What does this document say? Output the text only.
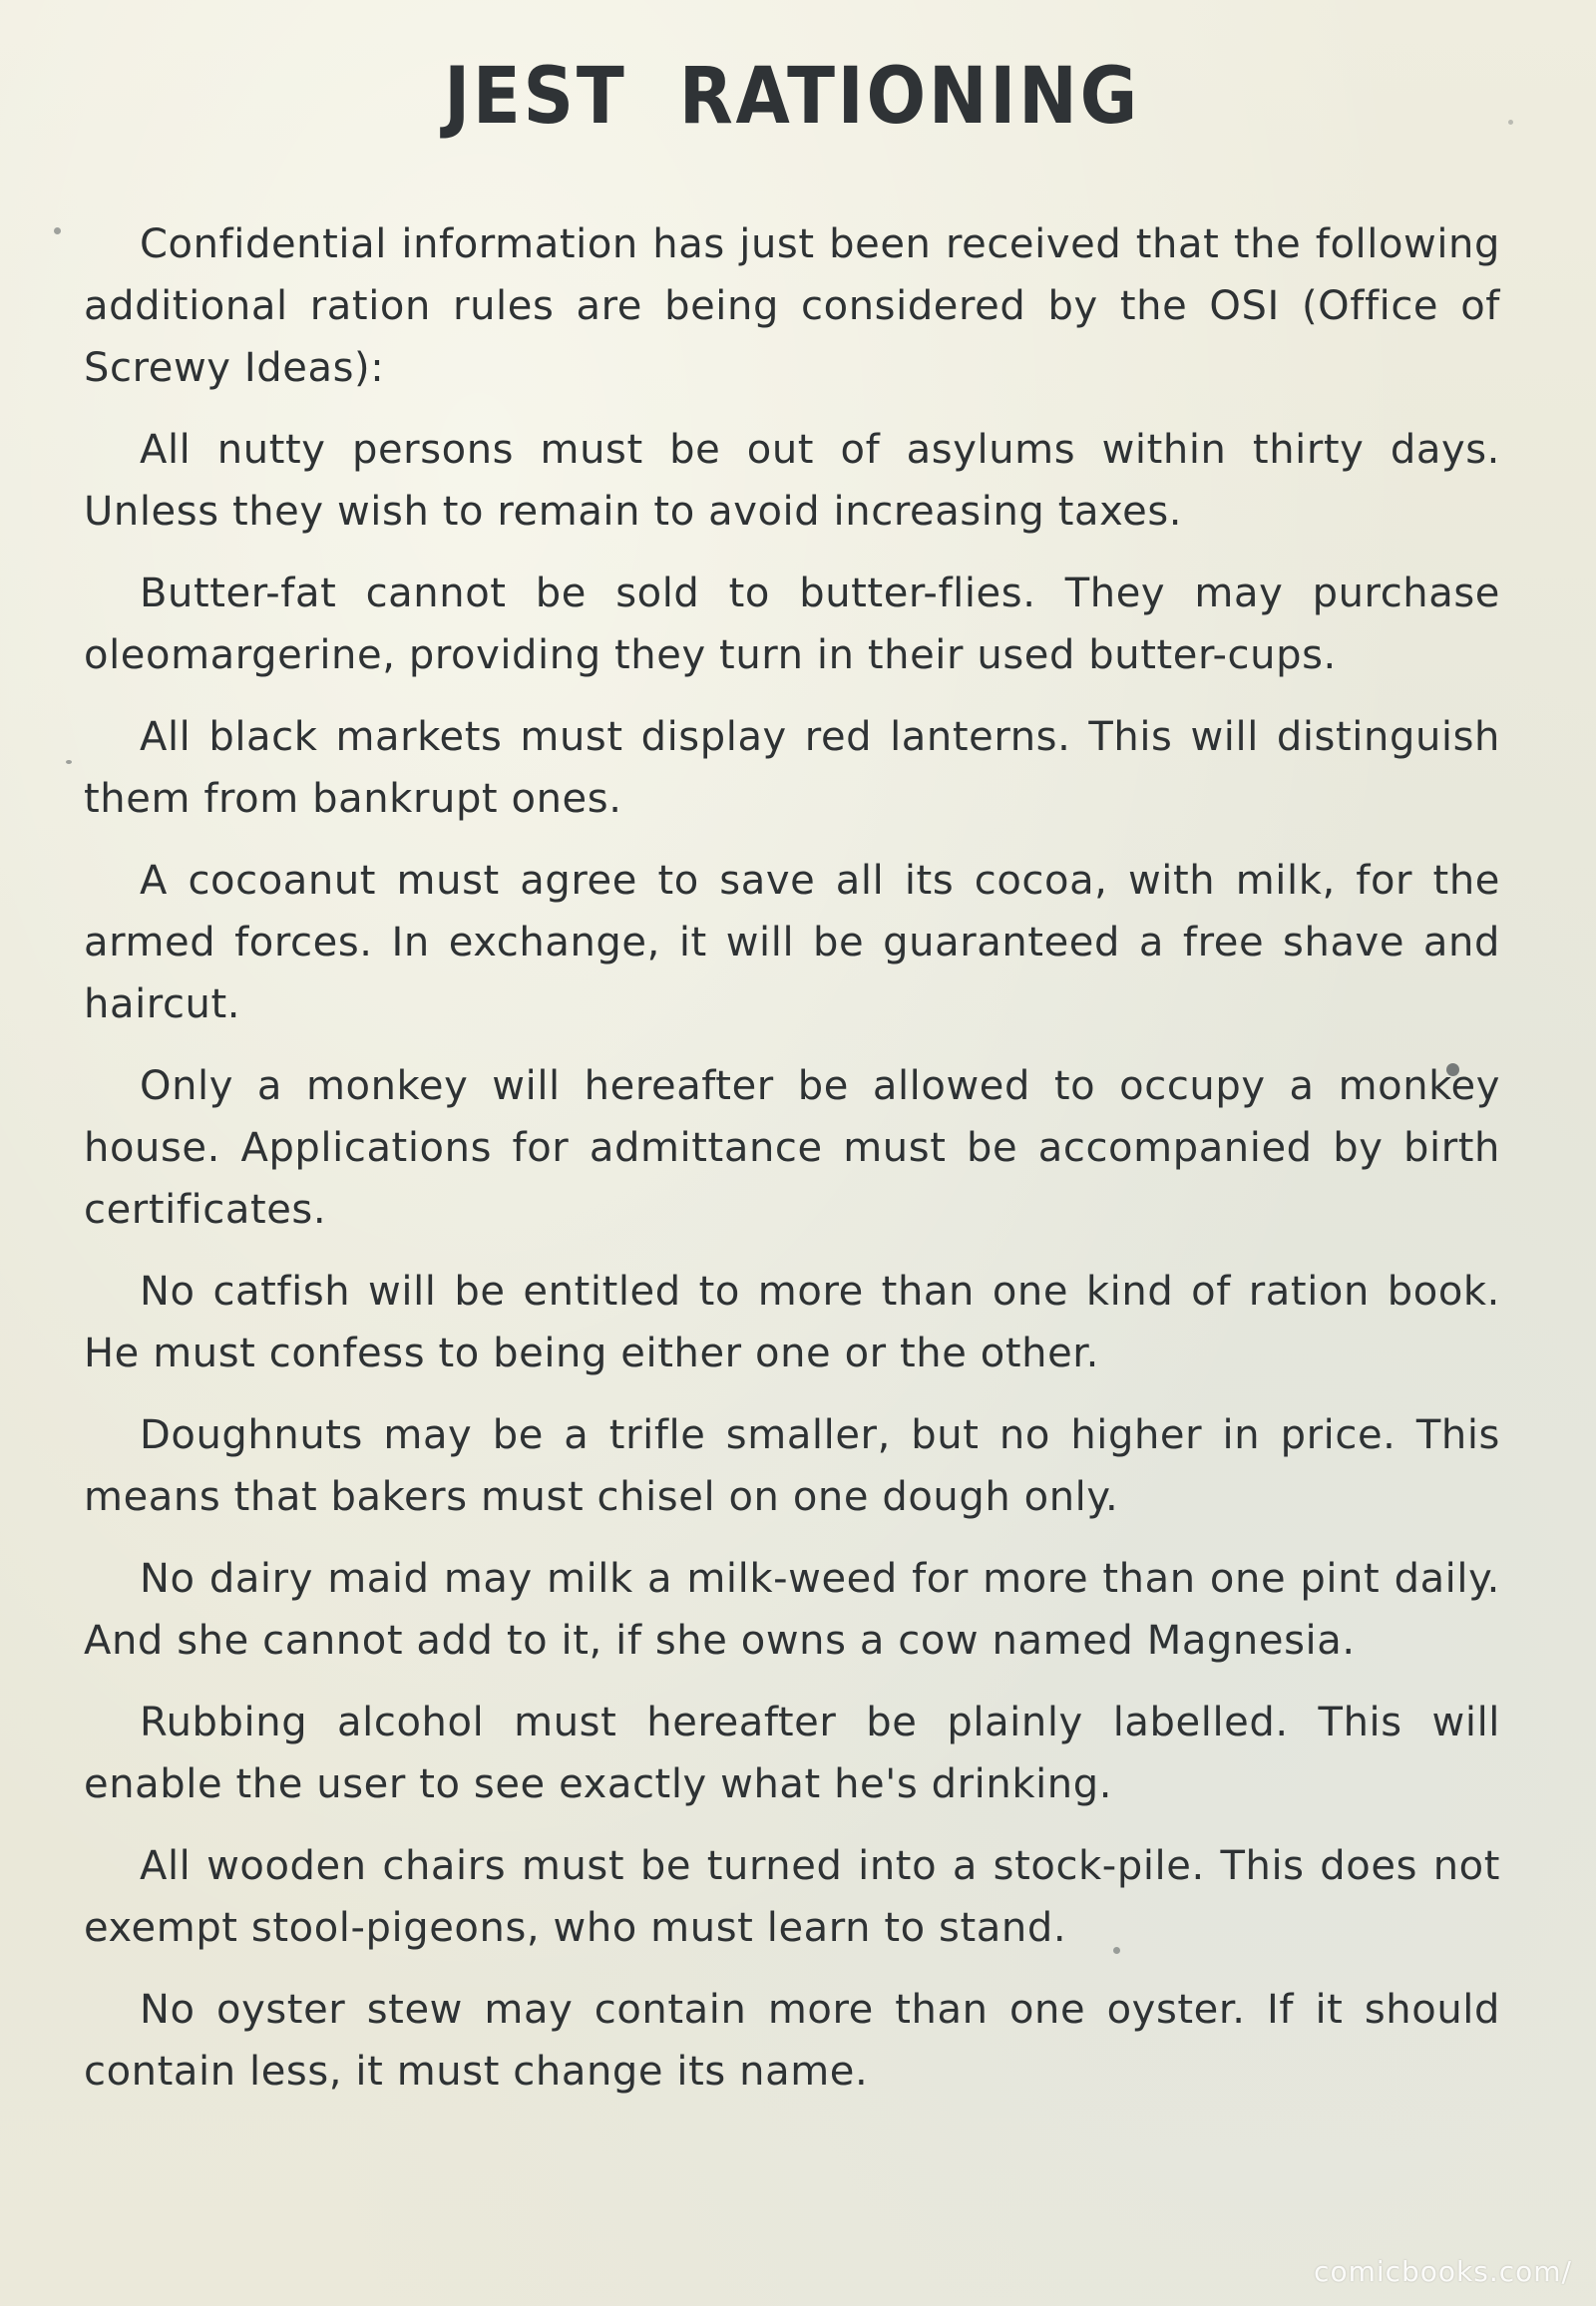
JEST RATIONING

Confidential information has just been received that the following additional ration rules are being considered by the OSI (Office of Screwy Ideas):

All nutty persons must be out of asylums within thirty days. Unless they wish to remain to avoid increasing taxes.

Butter-fat cannot be sold to butter-flies. They may purchase oleomargerine, providing they turn in their used butter-cups.

All black markets must display red lanterns. This will distinguish them from bankrupt ones.

A cocoanut must agree to save all its cocoa, with milk, for the armed forces. In exchange, it will be guaranteed a free shave and haircut.

Only a monkey will hereafter be allowed to occupy a monkey house. Applications for admittance must be accompanied by birth certificates.

No catfish will be entitled to more than one kind of ration book. He must confess to being either one or the other.

Doughnuts may be a trifle smaller, but no higher in price. This means that bakers must chisel on one dough only.

No dairy maid may milk a milk-weed for more than one pint daily. And she cannot add to it, if she owns a cow named Magnesia.

Rubbing alcohol must hereafter be plainly labelled. This will enable the user to see exactly what he's drinking.

All wooden chairs must be turned into a stock-pile. This does not exempt stool-pigeons, who must learn to stand.

No oyster stew may contain more than one oyster. If it should contain less, it must change its name.

comicbooks.com/
